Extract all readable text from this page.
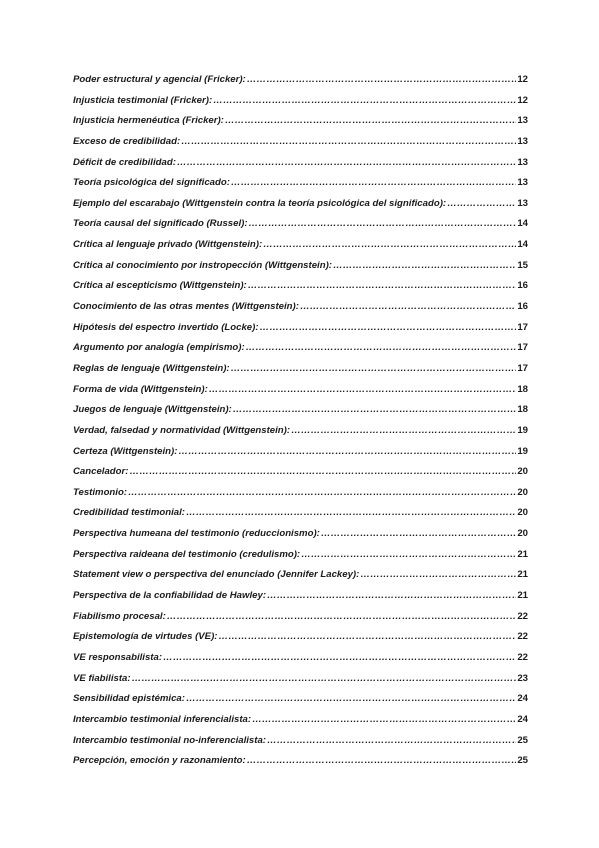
Poder estructural y agencial (Fricker): ……………………………………………………………………………………………………………………………………………………………………………………………………	12
Injusticia testimonial (Fricker): ……………………………………………………………………………………………………………………………………………………………………………………………………	12
Injusticia hermenéutica (Fricker): ……………………………………………………………………………………………………………………………………………………………………………………………………	13
Exceso de credibilidad: ……………………………………………………………………………………………………………………………………………………………………………………………………	13
Déficit de credibilidad: ……………………………………………………………………………………………………………………………………………………………………………………………………	13
Teoría psicológica del significado: ……………………………………………………………………………………………………………………………………………………………………………………………………	13
Ejemplo del escarabajo (Wittgenstein contra la teoría psicológica del significado): ……………………………………………………………………………………………………………………………………………………………………………………………………	13
Teoría causal del significado (Russel): ……………………………………………………………………………………………………………………………………………………………………………………………………	14
Crítica al lenguaje privado (Wittgenstein): ……………………………………………………………………………………………………………………………………………………………………………………………………	14
Crítica al conocimiento por instropección (Wittgenstein): ……………………………………………………………………………………………………………………………………………………………………………………………………	15
Crítica al escepticismo (Wittgenstein): ……………………………………………………………………………………………………………………………………………………………………………………………………	16
Conocimiento de las otras mentes (Wittgenstein): ……………………………………………………………………………………………………………………………………………………………………………………………………	16
Hipótesis del espectro invertido (Locke): ……………………………………………………………………………………………………………………………………………………………………………………………………	17
Argumento por analogía (empirismo): ……………………………………………………………………………………………………………………………………………………………………………………………………	17
Reglas de lenguaje (Wittgenstein): ……………………………………………………………………………………………………………………………………………………………………………………………………	17
Forma de vida (Wittgenstein): ……………………………………………………………………………………………………………………………………………………………………………………………………	18
Juegos de lenguaje (Wittgenstein): ……………………………………………………………………………………………………………………………………………………………………………………………………	18
Verdad, falsedad y normatividad (Wittgenstein): ……………………………………………………………………………………………………………………………………………………………………………………………………	19
Certeza (Wittgenstein): ……………………………………………………………………………………………………………………………………………………………………………………………………	19
Cancelador: ……………………………………………………………………………………………………………………………………………………………………………………………………	20
Testimonio: ……………………………………………………………………………………………………………………………………………………………………………………………………	20
Credibilidad testimonial: ……………………………………………………………………………………………………………………………………………………………………………………………………	20
Perspectiva humeana del testimonio (reduccionismo): ……………………………………………………………………………………………………………………………………………………………………………………………………	20
Perspectiva raideana del testimonio (credulismo): ……………………………………………………………………………………………………………………………………………………………………………………………………	21
Statement view o perspectiva del enunciado (Jennifer Lackey): ……………………………………………………………………………………………………………………………………………………………………………………………………	21
Perspectiva de la confiabilidad de Hawley: ……………………………………………………………………………………………………………………………………………………………………………………………………	21
Fiabilismo procesal: ……………………………………………………………………………………………………………………………………………………………………………………………………	22
Epistemología de virtudes (VE): ……………………………………………………………………………………………………………………………………………………………………………………………………	22
VE responsabilista: ……………………………………………………………………………………………………………………………………………………………………………………………………	22
VE fiabilista: ……………………………………………………………………………………………………………………………………………………………………………………………………	23
Sensibilidad epistémica: ……………………………………………………………………………………………………………………………………………………………………………………………………	24
Intercambio testimonial inferencialista: ……………………………………………………………………………………………………………………………………………………………………………………………………	24
Intercambio testimonial no-inferencialista: ……………………………………………………………………………………………………………………………………………………………………………………………………	25
Percepción, emoción y razonamiento: ……………………………………………………………………………………………………………………………………………………………………………………………………	25
